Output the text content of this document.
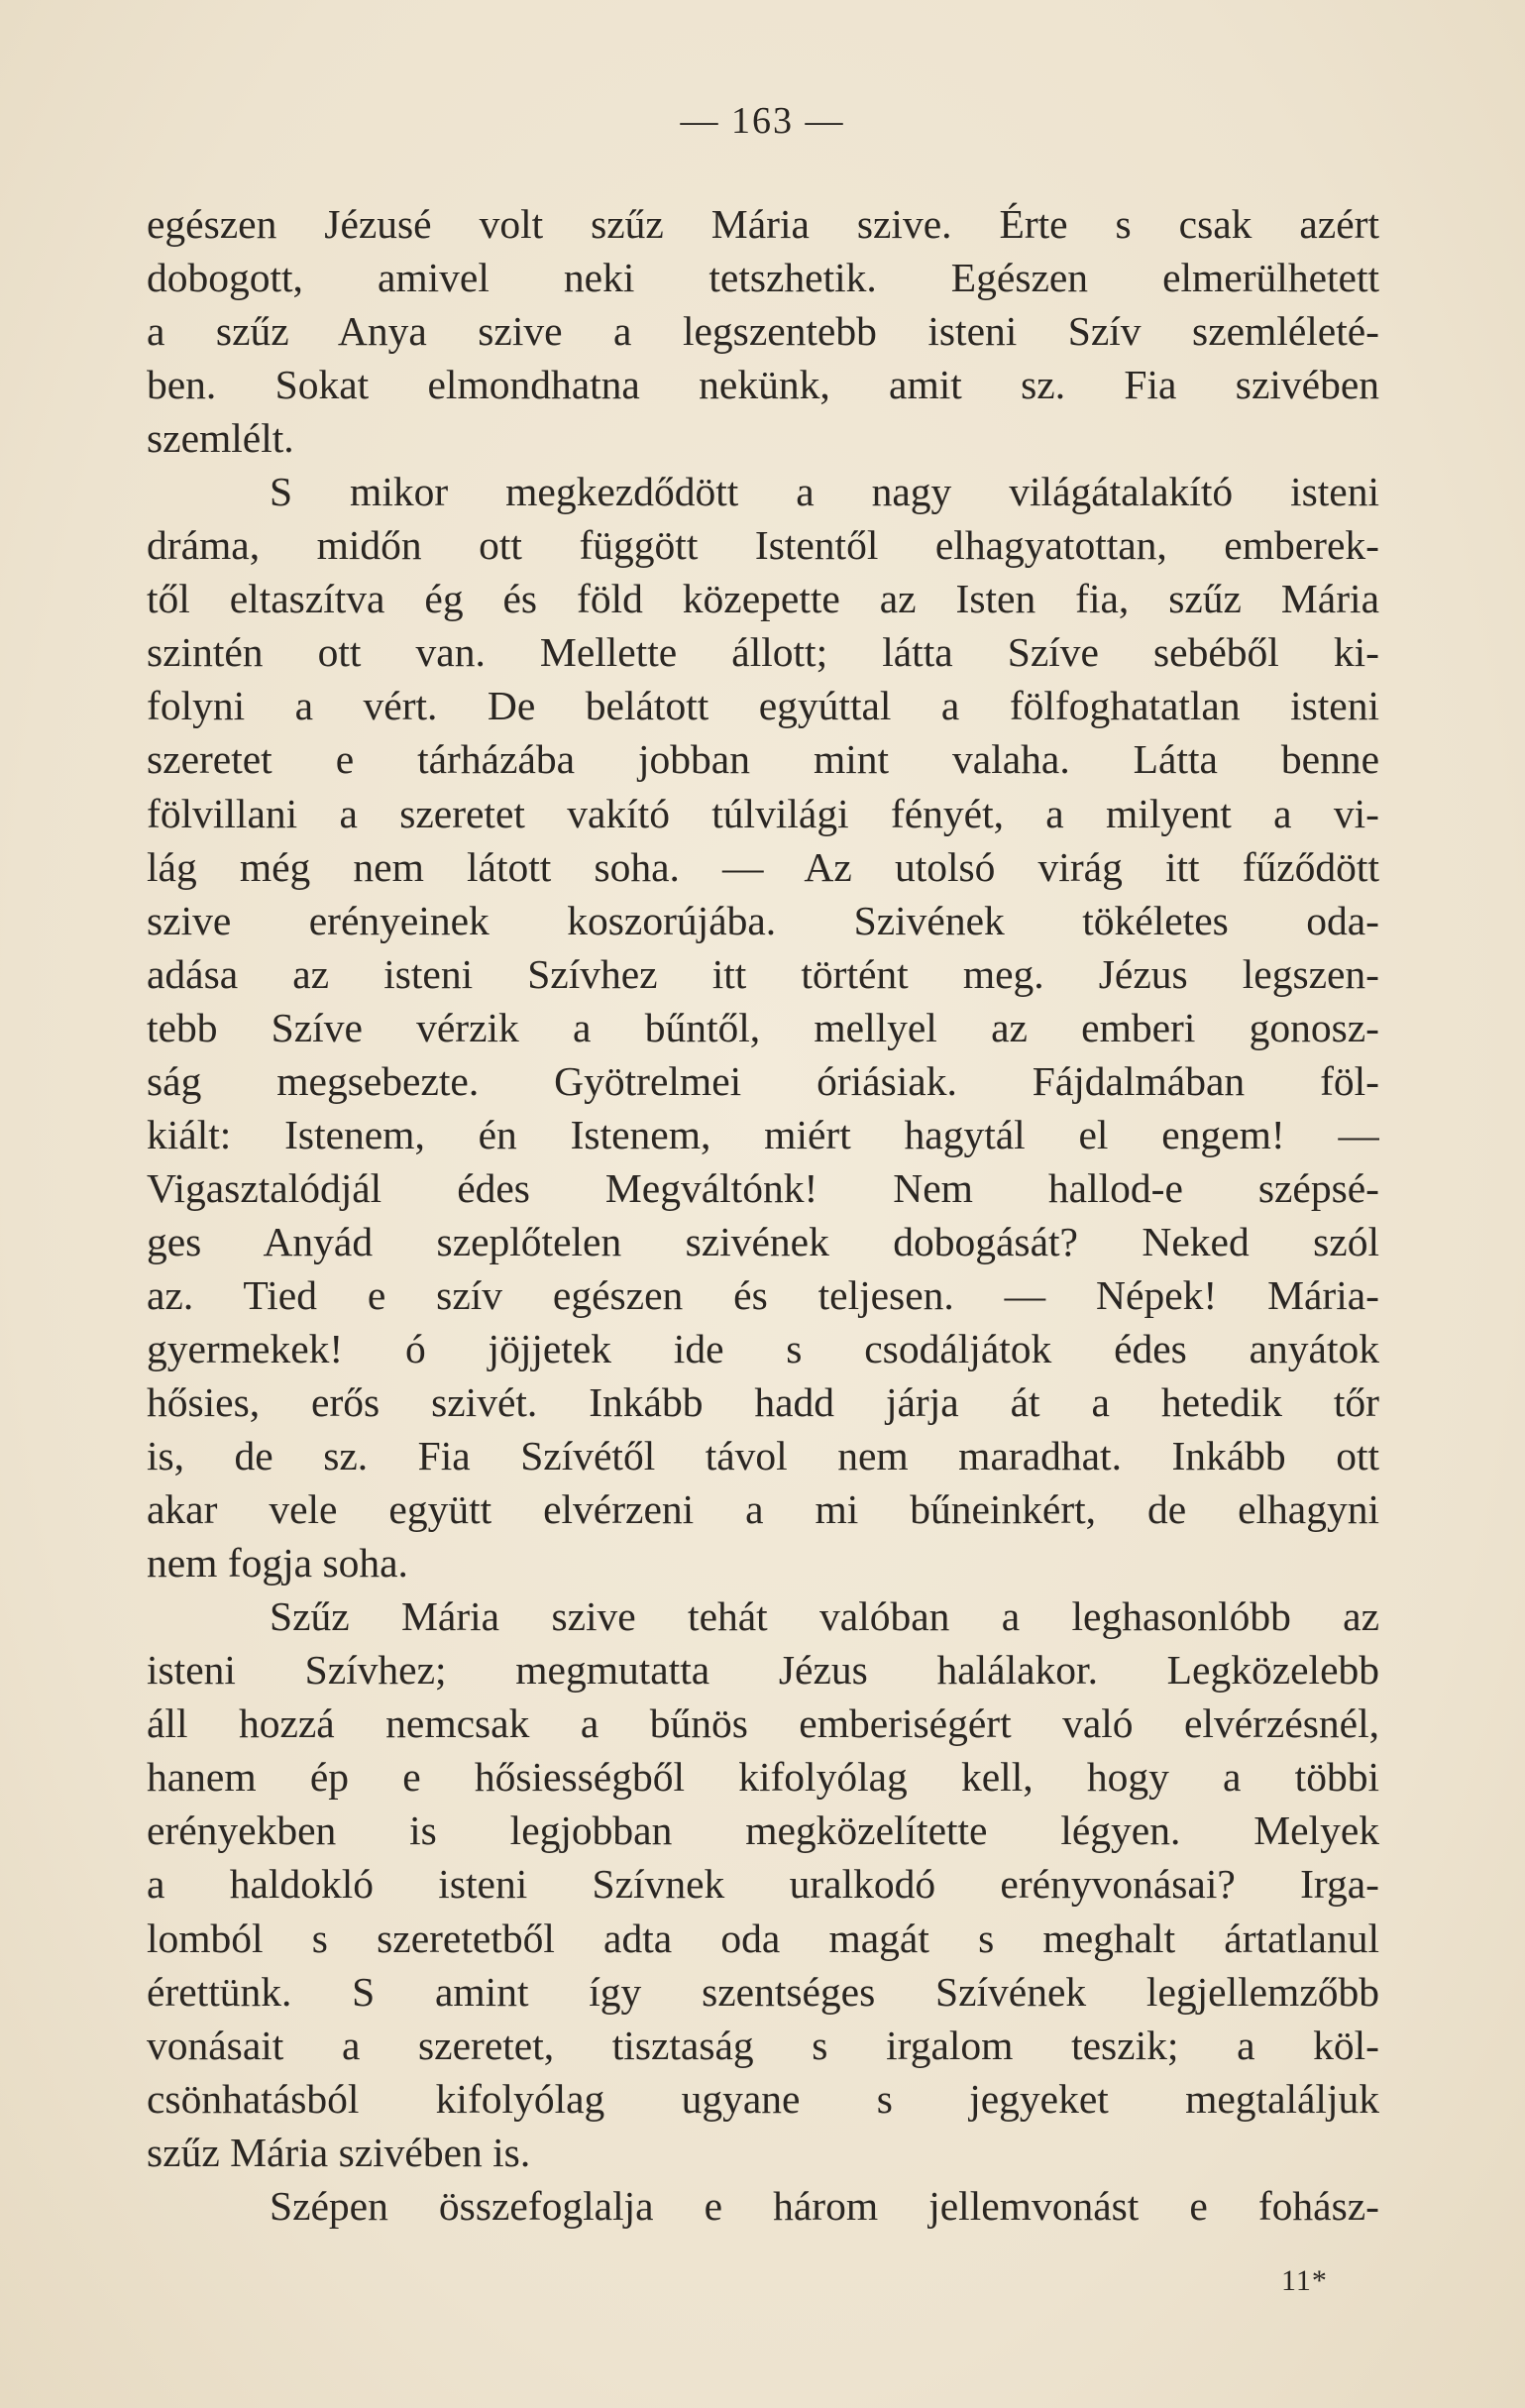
— 163 —
egészen Jézusé volt szűz Mária szive. Érte s csak azért
dobogott, amivel neki tetszhetik. Egészen elmerülhetett
a szűz Anya szive a legszentebb isteni Szív szemléleté-
ben. Sokat elmondhatna nekünk, amit sz. Fia szivében
szemlélt.
S mikor megkezdődött a nagy világátalakító isteni
dráma, midőn ott függött Istentől elhagyatottan, emberek-
től eltaszítva ég és föld közepette az Isten fia, szűz Mária
szintén ott van. Mellette állott; látta Szíve sebéből ki-
folyni a vért. De belátott egyúttal a fölfoghatatlan isteni
szeretet e tárházába jobban mint valaha. Látta benne
fölvillani a szeretet vakító túlvilági fényét, a milyent a vi-
lág még nem látott soha. — Az utolsó virág itt fűződött
szive erényeinek koszorújába. Szivének tökéletes oda-
adása az isteni Szívhez itt történt meg. Jézus legszen-
tebb Szíve vérzik a bűntől, mellyel az emberi gonosz-
ság megsebezte. Gyötrelmei óriásiak. Fájdalmában föl-
kiált: Istenem, én Istenem, miért hagytál el engem! —
Vigasztalódjál édes Megváltónk! Nem hallod-e szépsé-
ges Anyád szeplőtelen szivének dobogását? Neked szól
az. Tied e szív egészen és teljesen. — Népek! Mária-
gyermekek! ó jöjjetek ide s csodáljátok édes anyátok
hősies, erős szivét. Inkább hadd járja át a hetedik tőr
is, de sz. Fia Szívétől távol nem maradhat. Inkább ott
akar vele együtt elvérzeni a mi bűneinkért, de elhagyni
nem fogja soha.
Szűz Mária szive tehát valóban a leghasonlóbb az
isteni Szívhez; megmutatta Jézus halálakor. Legközelebb
áll hozzá nemcsak a bűnös emberiségért való elvérzésnél,
hanem ép e hősiességből kifolyólag kell, hogy a többi
erényekben is legjobban megközelítette légyen. Melyek
a haldokló isteni Szívnek uralkodó erényvonásai? Irga-
lomból s szeretetből adta oda magát s meghalt ártatlanul
érettünk. S amint így szentséges Szívének legjellemzőbb
vonásait a szeretet, tisztaság s irgalom teszik; a köl-
csönhatásból kifolyólag ugyane s jegyeket megtaláljuk
szűz Mária szivében is.
Szépen összefoglalja e három jellemvonást e fohász-
11*
